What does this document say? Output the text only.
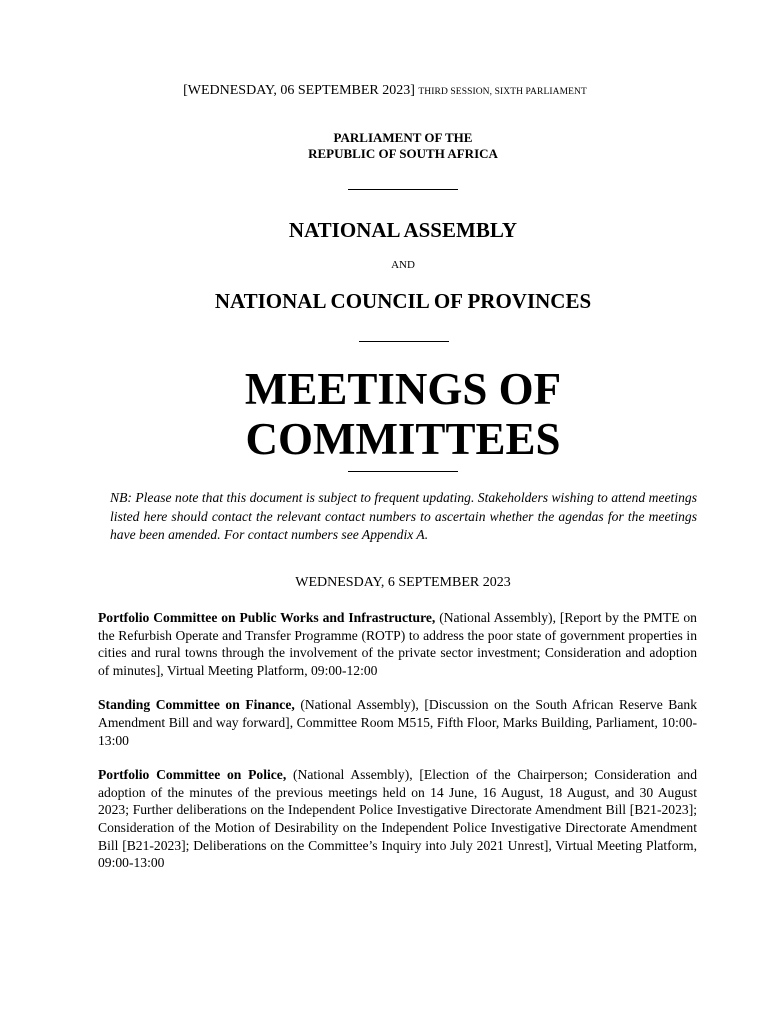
[WEDNESDAY, 06 SEPTEMBER 2023] THIRD SESSION, SIXTH PARLIAMENT
PARLIAMENT OF THE
REPUBLIC OF SOUTH AFRICA
NATIONAL ASSEMBLY
AND
NATIONAL COUNCIL OF PROVINCES
MEETINGS OF
COMMITTEES
NB: Please note that this document is subject to frequent updating. Stakeholders wishing to attend meetings listed here should contact the relevant contact numbers to ascertain whether the agendas for the meetings have been amended. For contact numbers see Appendix A.
WEDNESDAY, 6 SEPTEMBER 2023

Portfolio Committee on Public Works and Infrastructure, (National Assembly), [Report by the PMTE on the Refurbish Operate and Transfer Programme (ROTP) to address the poor state of government properties in cities and rural towns through the involvement of the private sector investment; Consideration and adoption of minutes], Virtual Meeting Platform, 09:00-12:00

Standing Committee on Finance, (National Assembly), [Discussion on the South African Reserve Bank Amendment Bill and way forward], Committee Room M515, Fifth Floor, Marks Building, Parliament, 10:00-13:00

Portfolio Committee on Police, (National Assembly), [Election of the Chairperson; Consideration and adoption of the minutes of the previous meetings held on 14 June, 16 August, 18 August, and 30 August 2023; Further deliberations on the Independent Police Investigative Directorate Amendment Bill [B21-2023]; Consideration of the Motion of Desirability on the Independent Police Investigative Directorate Amendment Bill [B21-2023]; Deliberations on the Committee’s Inquiry into July 2021 Unrest], Virtual Meeting Platform, 09:00-13:00
